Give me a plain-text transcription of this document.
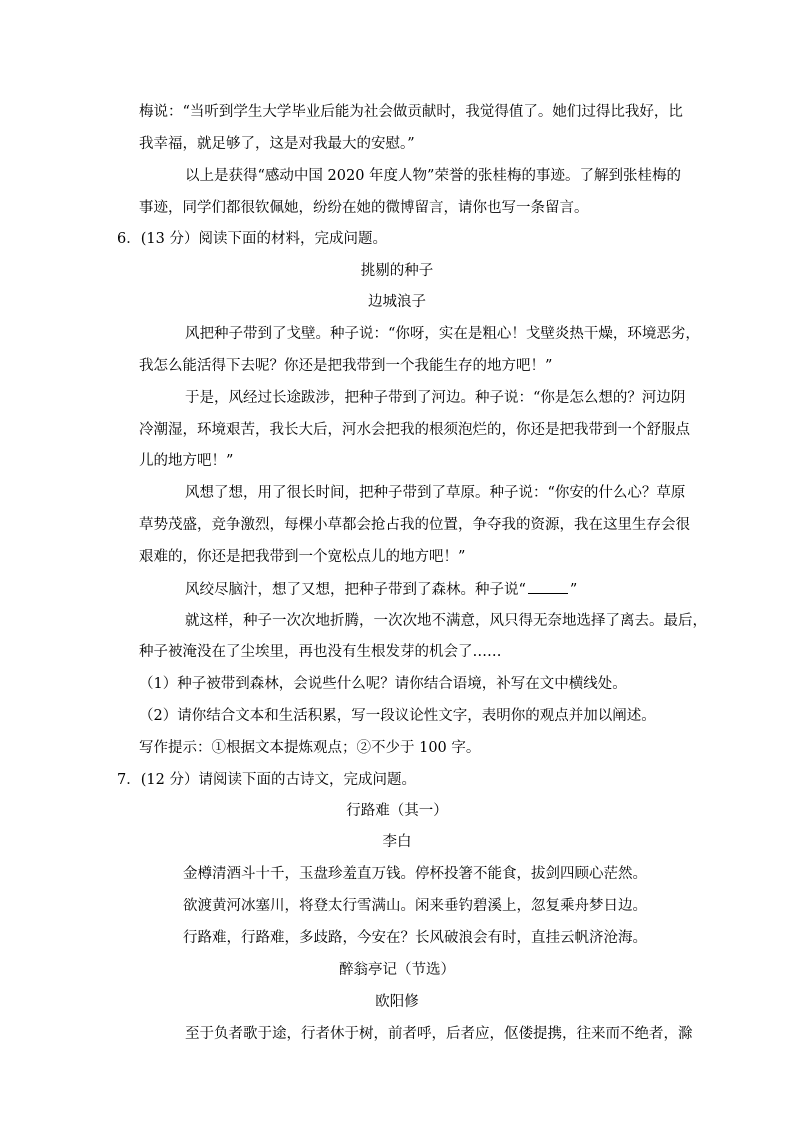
梅说：“当听到学生大学毕业后能为社会做贡献时，我觉得值了。她们过得比我好，比
我幸福，就足够了，这是对我最大的安慰。”
以上是获得“感动中国 2020 年度人物”荣誉的张桂梅的事迹。了解到张桂梅的
事迹，同学们都很钦佩她，纷纷在她的微博留言，请你也写一条留言。
6．(13 分）阅读下面的材料，完成问题。
挑剔的种子
边城浪子
风把种子带到了戈壁。种子说：“你呀，实在是粗心！戈壁炎热干燥，环境恶劣，
我怎么能活得下去呢？你还是把我带到一个我能生存的地方吧！”
于是，风经过长途跋涉，把种子带到了河边。种子说：“你是怎么想的？河边阴
冷潮湿，环境艰苦，我长大后，河水会把我的根须泡烂的，你还是把我带到一个舒服点
儿的地方吧！”
风想了想，用了很长时间，把种子带到了草原。种子说：“你安的什么心？草原
草势茂盛，竞争激烈，每棵小草都会抢占我的位置，争夺我的资源，我在这里生存会很
艰难的，你还是把我带到一个宽松点儿的地方吧！”
风绞尽脑汁，想了又想，把种子带到了森林。种子说“	”
就这样，种子一次次地折腾，一次次地不满意，风只得无奈地选择了离去。最后，
种子被淹没在了尘埃里，再也没有生根发芽的机会了……
（1）种子被带到森林，会说些什么呢？请你结合语境，补写在文中横线处。
（2）请你结合文本和生活积累，写一段议论性文字，表明你的观点并加以阐述。
写作提示：①根据文本提炼观点；②不少于 100 字。
7．(12 分）请阅读下面的古诗文，完成问题。
行路难（其一）
李白
金樽清酒斗十千，玉盘珍羞直万钱。停杯投箸不能食，拔剑四顾心茫然。
欲渡黄河冰塞川，将登太行雪满山。闲来垂钓碧溪上，忽复乘舟梦日边。
行路难，行路难，多歧路，今安在？长风破浪会有时，直挂云帆济沧海。
醉翁亭记（节选）
欧阳修
至于负者歌于途，行者休于树，前者呼，后者应，伛偻提携，往来而不绝者，滁
